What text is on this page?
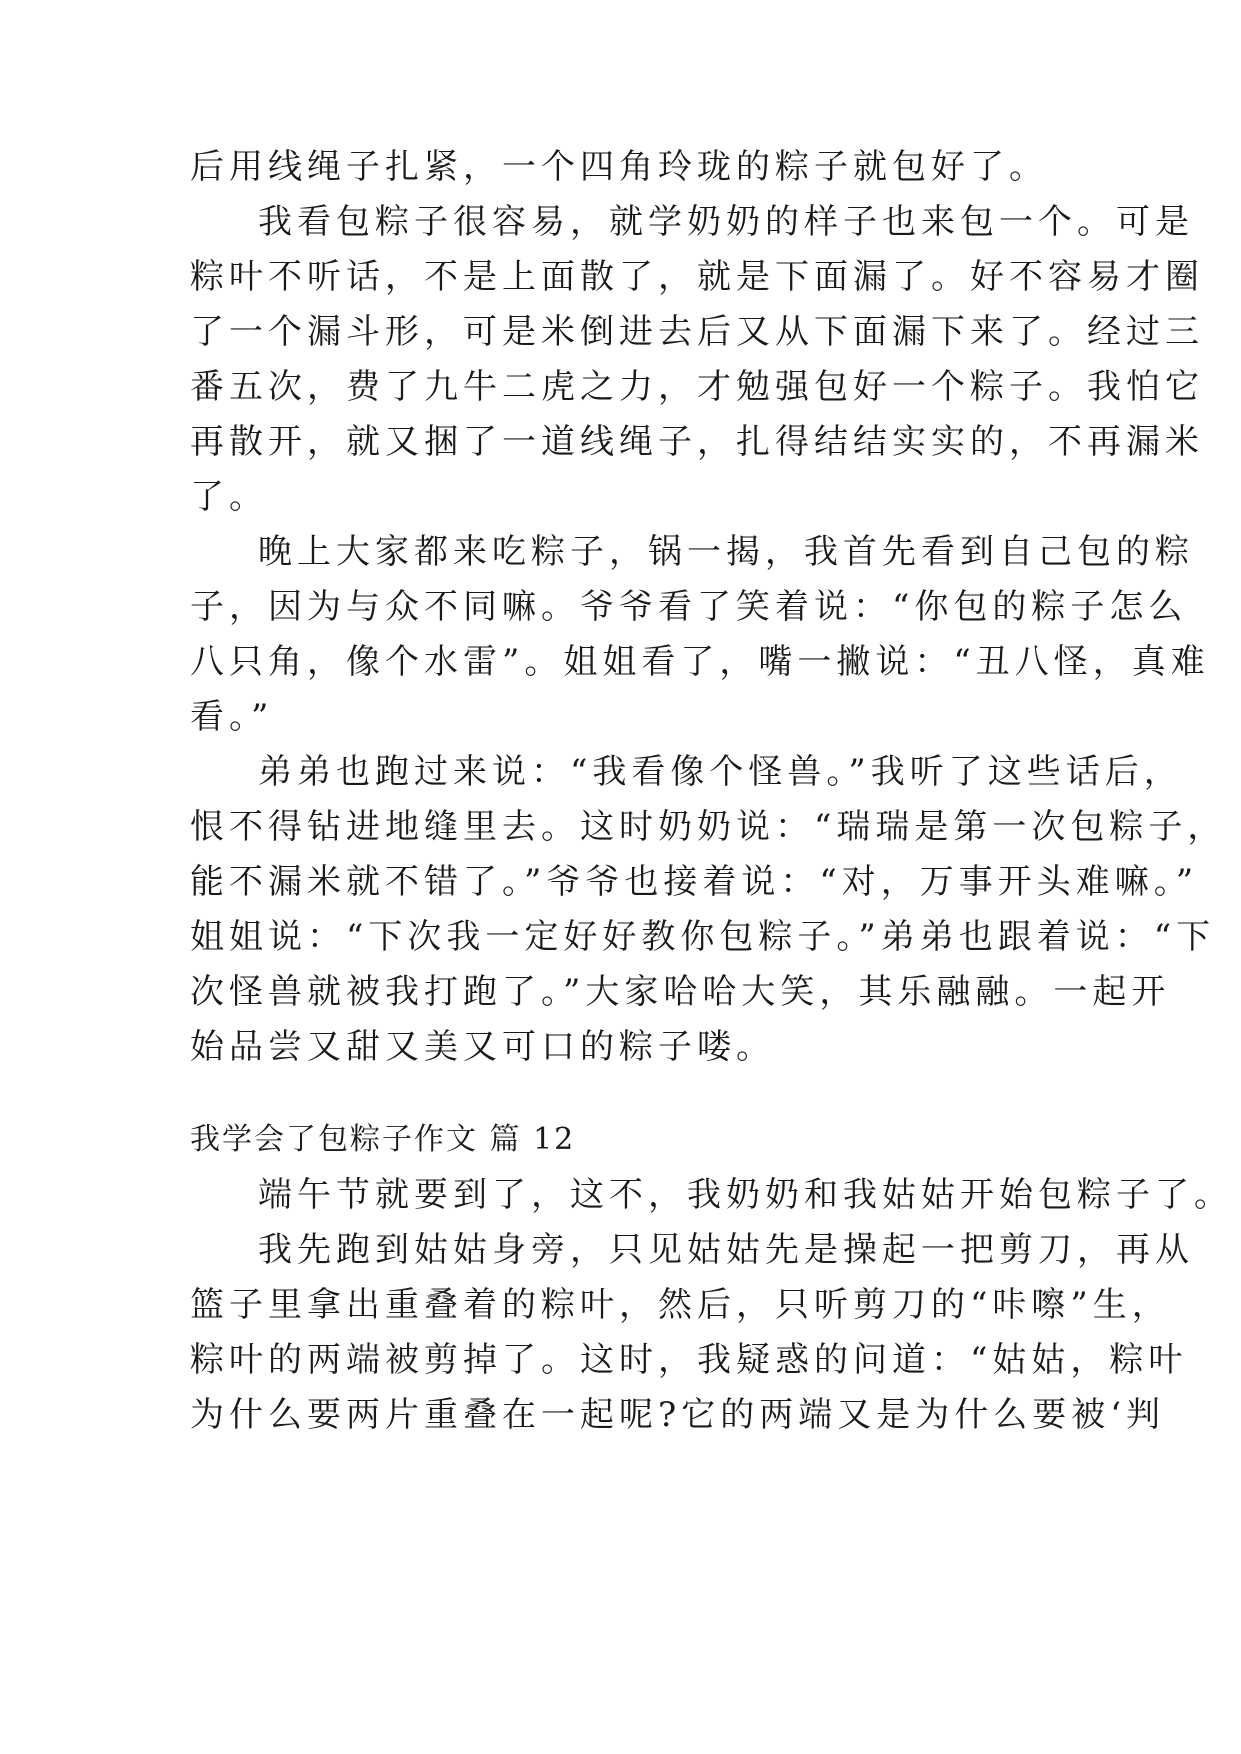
后用线绳子扎紧，一个四角玲珑的粽子就包好了。
我看包粽子很容易，就学奶奶的样子也来包一个。可是
粽叶不听话，不是上面散了，就是下面漏了。好不容易才圈
了一个漏斗形，可是米倒进去后又从下面漏下来了。经过三
番五次，费了九牛二虎之力，才勉强包好一个粽子。我怕它
再散开，就又捆了一道线绳子，扎得结结实实的，不再漏米
了。
晚上大家都来吃粽子，锅一揭，我首先看到自己包的粽
子，因为与众不同嘛。爷爷看了笑着说：“你包的粽子怎么
八只角，像个水雷”。姐姐看了，嘴一撇说：“丑八怪，真难
看。”
弟弟也跑过来说：“我看像个怪兽。”我听了这些话后，
恨不得钻进地缝里去。这时奶奶说：“瑞瑞是第一次包粽子，
能不漏米就不错了。”爷爷也接着说：“对，万事开头难嘛。”
姐姐说：“下次我一定好好教你包粽子。”弟弟也跟着说：“下
次怪兽就被我打跑了。”大家哈哈大笑，其乐融融。一起开
始品尝又甜又美又可口的粽子喽。
我学会了包粽子作文 篇 12
端午节就要到了，这不，我奶奶和我姑姑开始包粽子了。
我先跑到姑姑身旁，只见姑姑先是操起一把剪刀，再从
篮子里拿出重叠着的粽叶，然后，只听剪刀的“咔嚓”生，
粽叶的两端被剪掉了。这时，我疑惑的问道：“姑姑，粽叶
为什么要两片重叠在一起呢?它的两端又是为什么要被‘判
